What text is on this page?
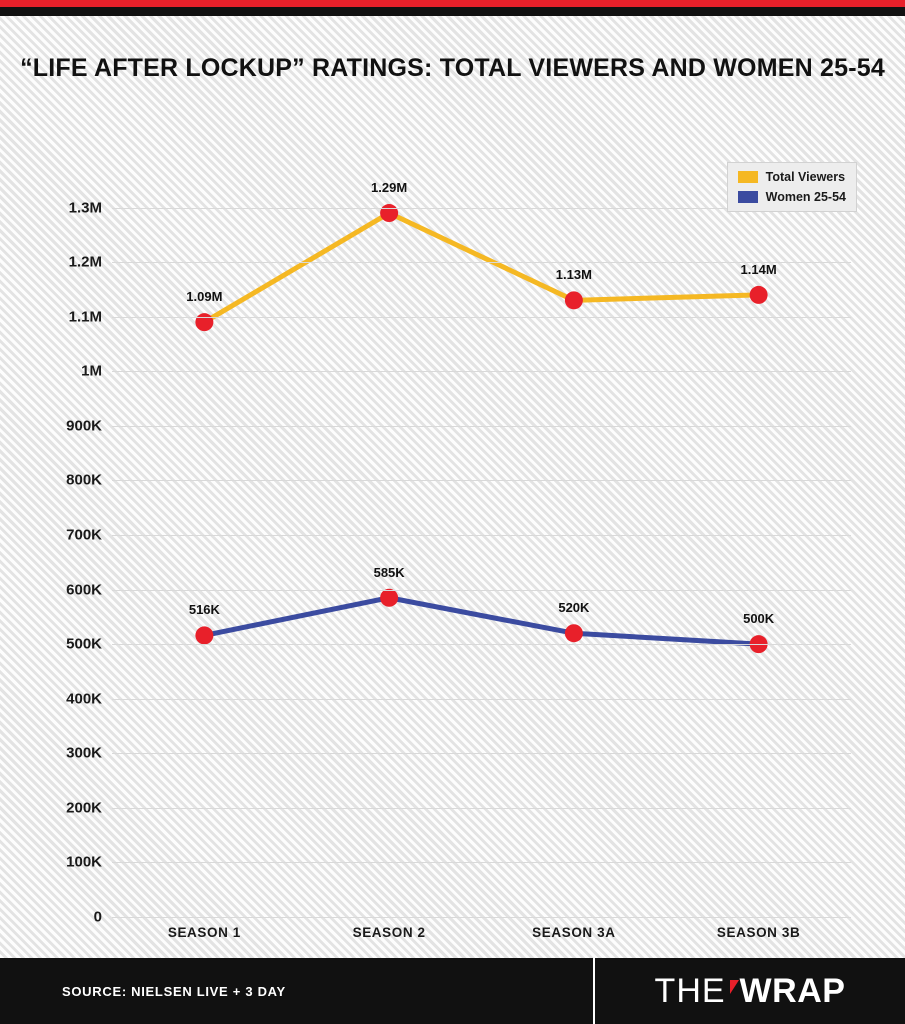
“LIFE AFTER LOCKUP” RATINGS: TOTAL VIEWERS AND WOMEN 25-54
0
100K
200K
300K
400K
500K
600K
700K
800K
900K
1M
1.1M
1.2M
1.3M
SEASON 1	SEASON 2	SEASON 3A	SEASON 3B
1.09M
1.29M
1.13M	1.14M
516K
585K
520K
500K
Total Viewers
Women 25-54
SOURCE: NIELSEN LIVE + 3 DAY	THE WRAP
